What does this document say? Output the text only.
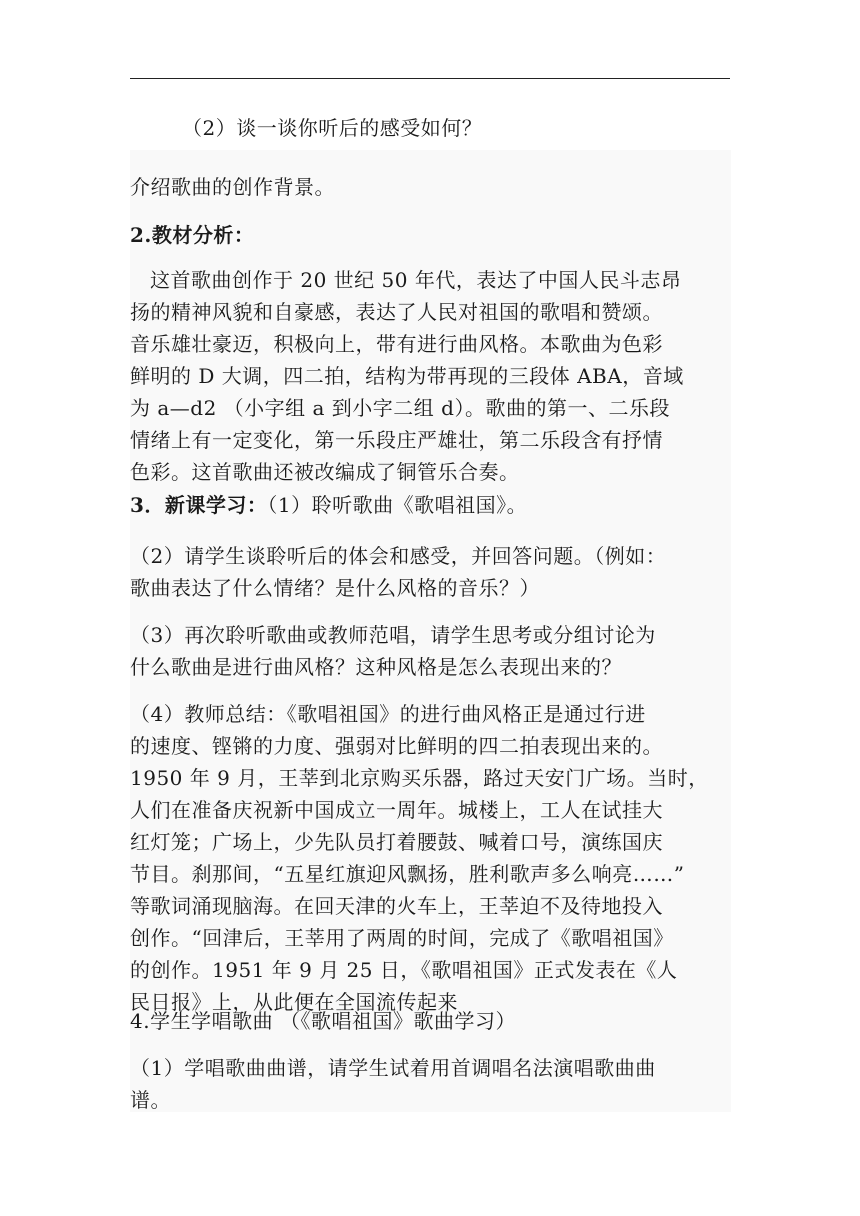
（2）谈一谈你听后的感受如何？
介绍歌曲的创作背景。
2.教材分析：
这首歌曲创作于 20 世纪 50 年代，表达了中国人民斗志昂
扬的精神风貌和自豪感，表达了人民对祖国的歌唱和赞颂。
音乐雄壮豪迈，积极向上，带有进行曲风格。本歌曲为色彩
鲜明的 D 大调，四二拍，结构为带再现的三段体 ABA，音域
为 a—d2 （小字组 a 到小字二组 d）。歌曲的第一、二乐段
情绪上有一定变化，第一乐段庄严雄壮，第二乐段含有抒情
色彩。这首歌曲还被改编成了铜管乐合奏。
3．新课学习：（1）聆听歌曲《歌唱祖国》。
（2）请学生谈聆听后的体会和感受，并回答问题。（例如：
歌曲表达了什么情绪？是什么风格的音乐？）
（3）再次聆听歌曲或教师范唱，请学生思考或分组讨论为
什么歌曲是进行曲风格？这种风格是怎么表现出来的？
（4）教师总结：《歌唱祖国》的进行曲风格正是通过行进
的速度、铿锵的力度、强弱对比鲜明的四二拍表现出来的。
1950 年 9 月，王莘到北京购买乐器，路过天安门广场。当时，
人们在准备庆祝新中国成立一周年。城楼上，工人在试挂大
红灯笼；广场上，少先队员打着腰鼓、喊着口号，演练国庆
节目。刹那间，“五星红旗迎风飘扬，胜利歌声多么响亮……”
等歌词涌现脑海。在回天津的火车上，王莘迫不及待地投入
创作。“回津后，王莘用了两周的时间，完成了《歌唱祖国》
的创作。1951 年 9 月 25 日，《歌唱祖国》正式发表在《人
民日报》上，从此便在全国流传起来
4.学生学唱歌曲 （《歌唱祖国》歌曲学习）
（1）学唱歌曲曲谱，请学生试着用首调唱名法演唱歌曲曲
谱。
